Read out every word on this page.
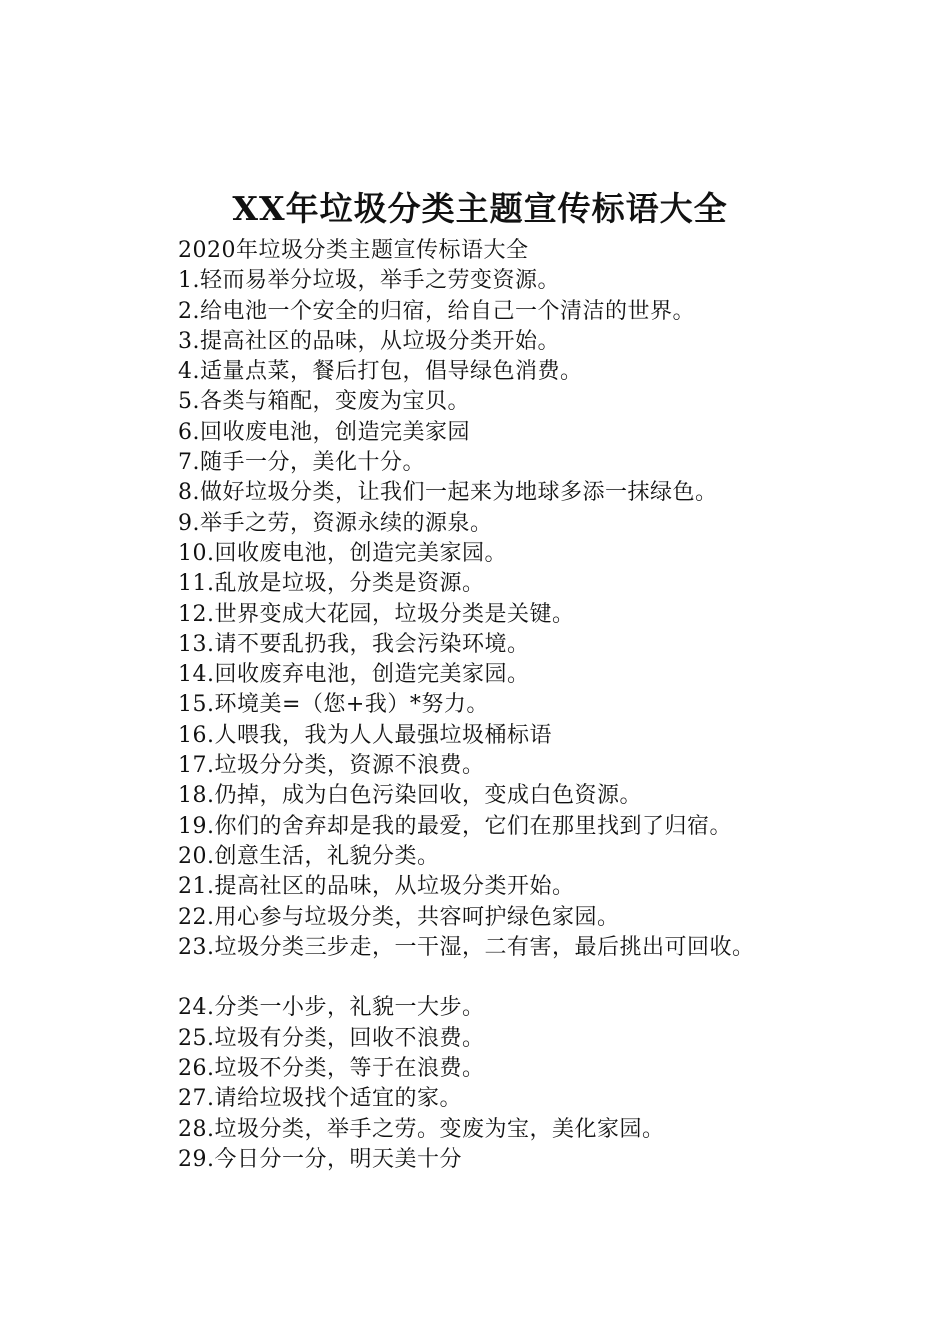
XX年垃圾分类主题宣传标语大全
2020年垃圾分类主题宣传标语大全
1.轻而易举分垃圾，举手之劳变资源。
2.给电池一个安全的归宿，给自己一个清洁的世界。
3.提高社区的品味，从垃圾分类开始。
4.适量点菜，餐后打包，倡导绿色消费。
5.各类与箱配，变废为宝贝。
6.回收废电池，创造完美家园
7.随手一分，美化十分。
8.做好垃圾分类，让我们一起来为地球多添一抹绿色。
9.举手之劳，资源永续的源泉。
10.回收废电池，创造完美家园。
11.乱放是垃圾，分类是资源。
12.世界变成大花园，垃圾分类是关键。
13.请不要乱扔我，我会污染环境。
14.回收废弃电池，创造完美家园。
15.环境美=（您+我）*努力。
16.人喂我，我为人人最强垃圾桶标语
17.垃圾分分类，资源不浪费。
18.仍掉，成为白色污染回收，变成白色资源。
19.你们的舍弃却是我的最爱，它们在那里找到了归宿。
20.创意生活，礼貌分类。
21.提高社区的品味，从垃圾分类开始。
22.用心参与垃圾分类，共容呵护绿色家园。
23.垃圾分类三步走，一干湿，二有害，最后挑出可回收。
24.分类一小步，礼貌一大步。
25.垃圾有分类，回收不浪费。
26.垃圾不分类，等于在浪费。
27.请给垃圾找个适宜的家。
28.垃圾分类，举手之劳。变废为宝，美化家园。
29.今日分一分，明天美十分
